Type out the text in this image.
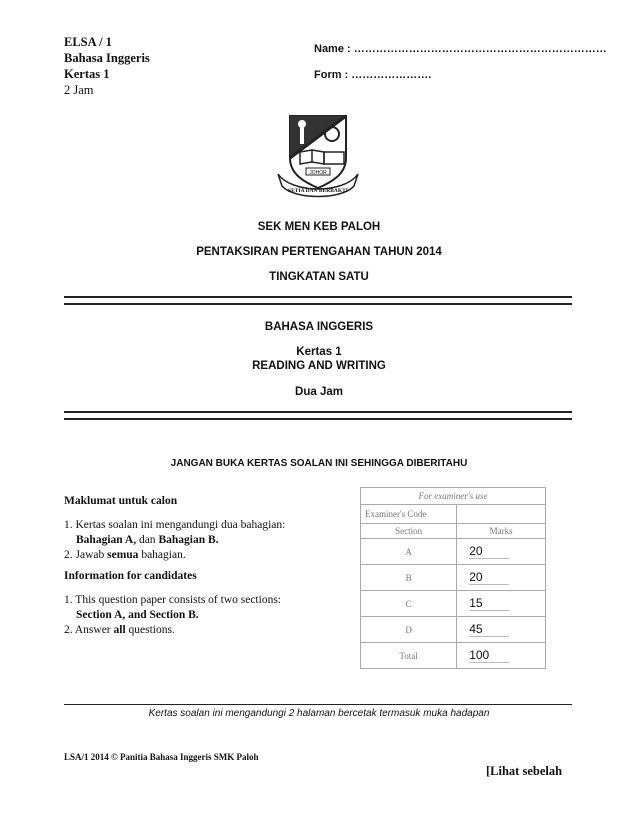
ELSA / 1
Bahasa Inggeris
Kertas 1
2 Jam
Name : ……………………………………………………………
Form : ………………….
JOHOR
SETIA DAN BERBAKTI
SEK MEN KEB PALOH
PENTAKSIRAN PERTENGAHAN TAHUN 2014
TINGKATAN SATU
BAHASA INGGERIS
Kertas 1
READING AND WRITING
Dua Jam
JANGAN BUKA KERTAS SOALAN INI SEHINGGA DIBERITAHU
Maklumat untuk calon
1. Kertas soalan ini mengandungi dua bahagian:
Bahagian A, dan Bahagian B.
2. Jawab semua bahagian.
Information for candidates
1. This question paper consists of two sections:
Section A, and Section B.
2. Answer all questions.
For examiner's use	
Examiner's Code	
Section	Marks
A	20
B	20
C	15
D	45
Total	100
Kertas soalan ini mengandungi 2 halaman bercetak termasuk muka hadapan
LSA/1 2014 © Panitia Bahasa Inggeris SMK Paloh
[Lihat sebelah
